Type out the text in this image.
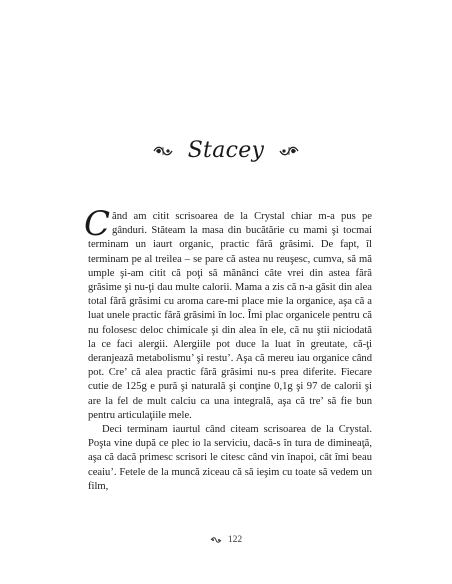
Stacey

Când am citit scrisoarea de la Crystal chiar m-a pus pe gânduri. Stăteam la masa din bucătărie cu mami şi tocmai terminam un iaurt organic, practic fără grăsimi. De fapt, îl terminam pe al treilea – se pare că astea nu reuşesc, cumva, să mă umple şi-am citit că poţi să mănânci câte vrei din astea fără grăsime şi nu-ţi dau multe calorii. Mama a zis că n-a găsit din alea total fără grăsimi cu aroma care-mi place mie la organice, aşa că a luat unele practic fără grăsimi în loc. Îmi plac organicele pentru că nu folosesc deloc chimicale şi din alea în ele, că nu ştii niciodată la ce faci alergii. Alergiile pot duce la luat în greutate, că-ţi deranjează metabolismu’ şi restu’. Aşa că mereu iau organice când pot. Cre’ că alea practic fără grăsimi nu-s prea diferite. Fiecare cutie de 125g e pură şi naturală şi conţine 0,1g şi 97 de calorii şi are la fel de mult calciu ca una integrală, aşa că tre’ să fie bun pentru articulaţiile mele.

Deci terminam iaurtul când citeam scrisoarea de la Crystal. Poşta vine după ce plec io la serviciu, dacă-s în tura de dimineaţă, aşa că dacă primesc scrisori le citesc când vin înapoi, cât îmi beau ceaiu’. Fetele de la muncă ziceau că să ieşim cu toate să vedem un film,

122
